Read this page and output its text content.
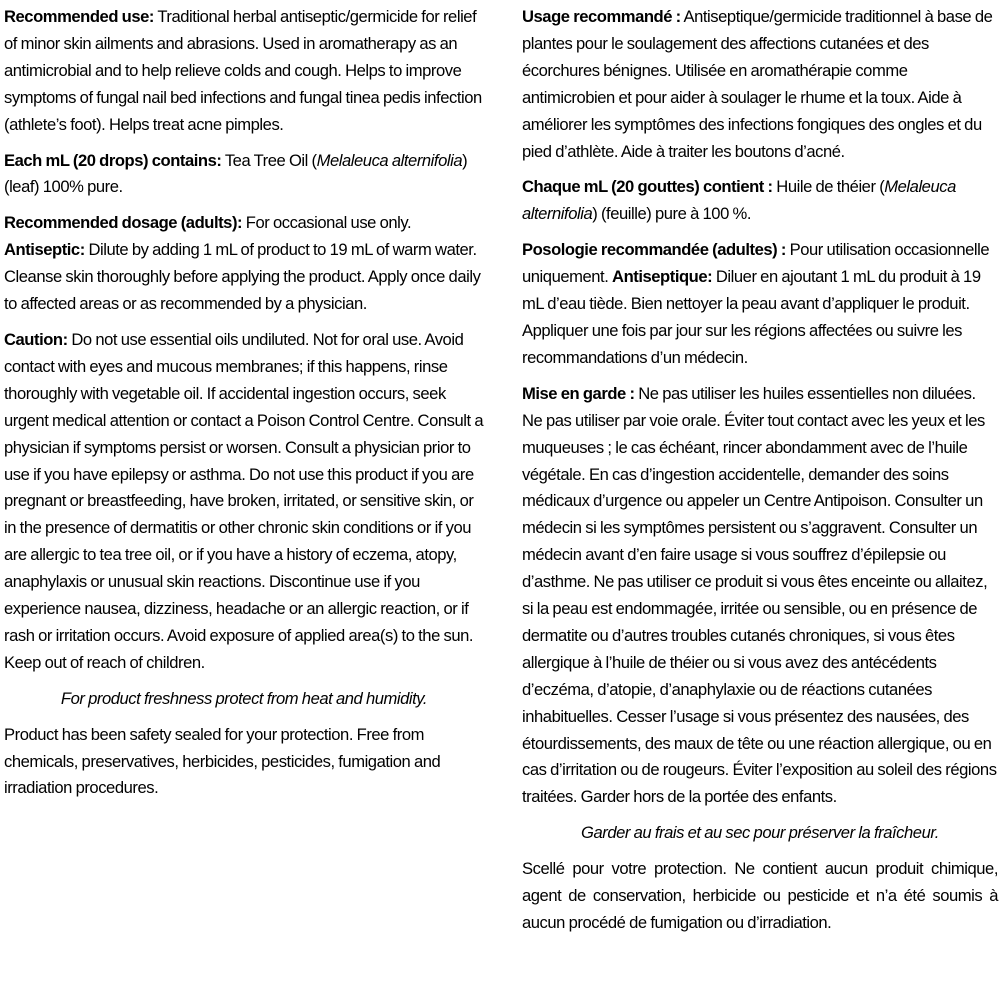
Recommended use: Traditional herbal antiseptic/germicide for relief of minor skin ailments and abrasions. Used in aromatherapy as an antimicrobial and to help relieve colds and cough. Helps to improve symptoms of fungal nail bed infections and fungal tinea pedis infection (athlete’s foot). Helps treat acne pimples.

Each mL (20 drops) contains: Tea Tree Oil (Melaleuca alternifolia) (leaf) 100% pure.

Recommended dosage (adults): For occasional use only. Antiseptic: Dilute by adding 1 mL of product to 19 mL of warm water. Cleanse skin thoroughly before applying the product. Apply once daily to affected areas or as recommended by a physician.

Caution: Do not use essential oils undiluted. Not for oral use. Avoid contact with eyes and mucous membranes; if this happens, rinse thoroughly with vegetable oil. If accidental ingestion occurs, seek urgent medical attention or contact a Poison Control Centre. Consult a physician if symptoms persist or worsen. Consult a physician prior to use if you have epilepsy or asthma. Do not use this product if you are pregnant or breastfeeding, have broken, irritated, or sensitive skin, or in the presence of dermatitis or other chronic skin conditions or if you are allergic to tea tree oil, or if you have a history of eczema, atopy, anaphylaxis or unusual skin reactions. Discontinue use if you experience nausea, dizziness, headache or an allergic reaction, or if rash or irritation occurs. Avoid exposure of applied area(s) to the sun. Keep out of reach of children.

For product freshness protect from heat and humidity.

Product has been safety sealed for your protection. Free from chemicals, preservatives, herbicides, pesticides, fumigation and irradiation procedures.

Usage recommandé : Antiseptique/germicide traditionnel à base de plantes pour le soulagement des affections cutanées et des écorchures bénignes. Utilisée en aromathérapie comme antimicrobien et pour aider à soulager le rhume et la toux. Aide à améliorer les symptômes des infections fongiques des ongles et du pied d’athlète. Aide à traiter les boutons d’acné.

Chaque mL (20 gouttes) contient : Huile de théier (Melaleuca alternifolia) (feuille) pure à 100 %.

Posologie recommandée (adultes) : Pour utilisation occasionnelle uniquement. Antiseptique: Diluer en ajoutant 1 mL du produit à 19 mL d’eau tiède. Bien nettoyer la peau avant d’appliquer le produit. Appliquer une fois par jour sur les régions affectées ou suivre les recommandations d’un médecin.

Mise en garde : Ne pas utiliser les huiles essentielles non diluées. Ne pas utiliser par voie orale. Éviter tout contact avec les yeux et les muqueuses ; le cas échéant, rincer abondamment avec de l’huile végétale. En cas d’ingestion accidentelle, demander des soins médicaux d’urgence ou appeler un Centre Antipoison. Consulter un médecin si les symptômes persistent ou s’aggravent. Consulter un médecin avant d’en faire usage si vous souffrez d’épilepsie ou d’asthme. Ne pas utiliser ce produit si vous êtes enceinte ou allaitez, si la peau est endommagée, irritée ou sensible, ou en présence de dermatite ou d’autres troubles cutanés chroniques, si vous êtes allergique à l’huile de théier ou si vous avez des antécédents d’eczéma, d’atopie, d’anaphylaxie ou de réactions cutanées inhabituelles. Cesser l’usage si vous présentez des nausées, des étourdissements, des maux de tête ou une réaction allergique, ou en cas d’irritation ou de rougeurs. Éviter l’exposition au soleil des régions traitées. Garder hors de la portée des enfants.

Garder au frais et au sec pour préserver la fraîcheur.

Scellé pour votre protection. Ne contient aucun produit chimique, agent de conservation, herbicide ou pesticide et n’a été soumis à aucun procédé de fumigation ou d’irradiation.
